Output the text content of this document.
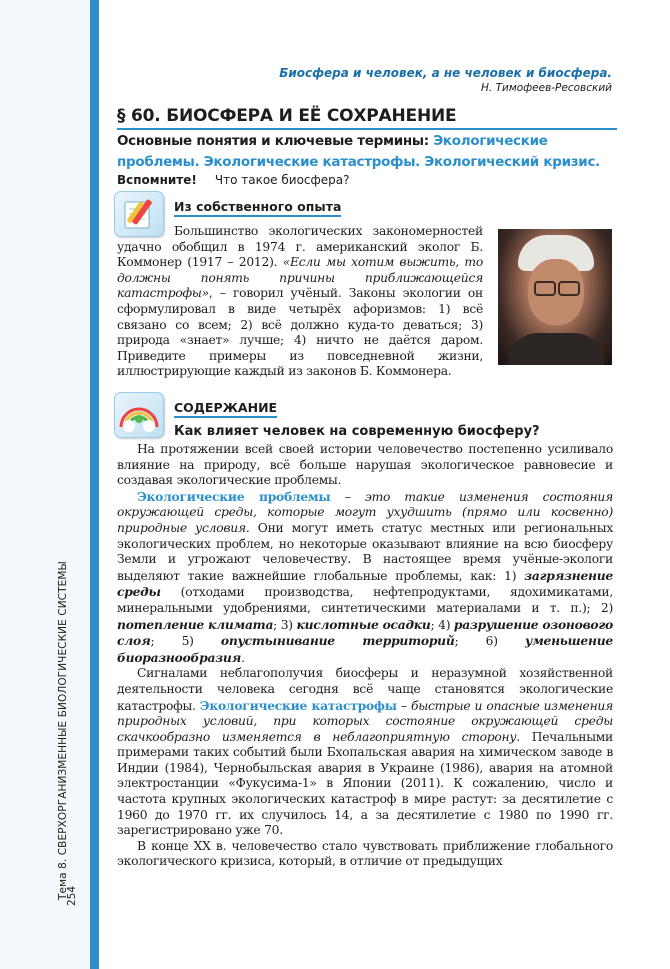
Тема 8. СВЕРХОРГАНИЗМЕННЫЕ БИОЛОГИЧЕСКИЕ СИСТЕМЫ
254
Биосфера и человек, а не человек и биосфера.
Н. Тимофеев-Ресовский
§ 60. БИОСФЕРА И ЕЁ СОХРАНЕНИЕ
Основные понятия и ключевые термины: Экологические проблемы. Экологические катастрофы. Экологический кризис.
Вспомните! Что такое биосфера?
Из собственного опыта

Большинство экологических закономерностей удачно обобщил в 1974 г. американский эколог Б. Коммонер (1917 – 2012). «Если мы хотим выжить, то должны понять причины приближающейся катастрофы», – говорил учёный. Законы экологии он сформулировал в виде четырёх афоризмов: 1) всё связано со всем; 2) всё должно куда-то деваться; 3) природа «знает» лучше; 4) ничто не даётся даром. Приведите примеры из повседневной жизни, иллюстрирующие каждый из законов Б. Коммонера.

СОДЕРЖАНИЕ
Как влияет человек на современную биосферу?

На протяжении всей своей истории человечество постепенно усиливало влияние на природу, всё больше нарушая экологическое равновесие и создавая экологические проблемы.

Экологические проблемы – это такие изменения состояния окружающей среды, которые могут ухудшить (прямо или косвенно) природные условия. Они могут иметь статус местных или региональных экологических проблем, но некоторые оказывают влияние на всю биосферу Земли и угрожают человечеству. В настоящее время учёные-экологи выделяют такие важнейшие глобальные проблемы, как: 1) загрязнение среды (отходами производства, нефтепродуктами, ядохимикатами, минеральными удобрениями, синтетическими материалами и т. п.); 2) потепление климата; 3) кислотные осадки; 4) разрушение озонового слоя; 5) опустынивание территорий; 6) уменьшение биоразнообразия.

Сигналами неблагополучия биосферы и неразумной хозяйственной деятельности человека сегодня всё чаще становятся экологические катастрофы. Экологические катастрофы – быстрые и опасные изменения природных условий, при которых состояние окружающей среды скачкообразно изменяется в неблагоприятную сторону. Печальными примерами таких событий были Бхопальская авария на химическом заводе в Индии (1984), Чернобыльская авария в Украине (1986), авария на атомной электростанции «Фукусима-1» в Японии (2011). К сожалению, число и частота крупных экологических катастроф в мире растут: за десятилетие с 1960 до 1970 гг. их случилось 14, а за десятилетие с 1980 по 1990 гг. зарегистрировано уже 70.

В конце XX в. человечество стало чувствовать приближение глобального экологического кризиса, который, в отличие от предыдущих
